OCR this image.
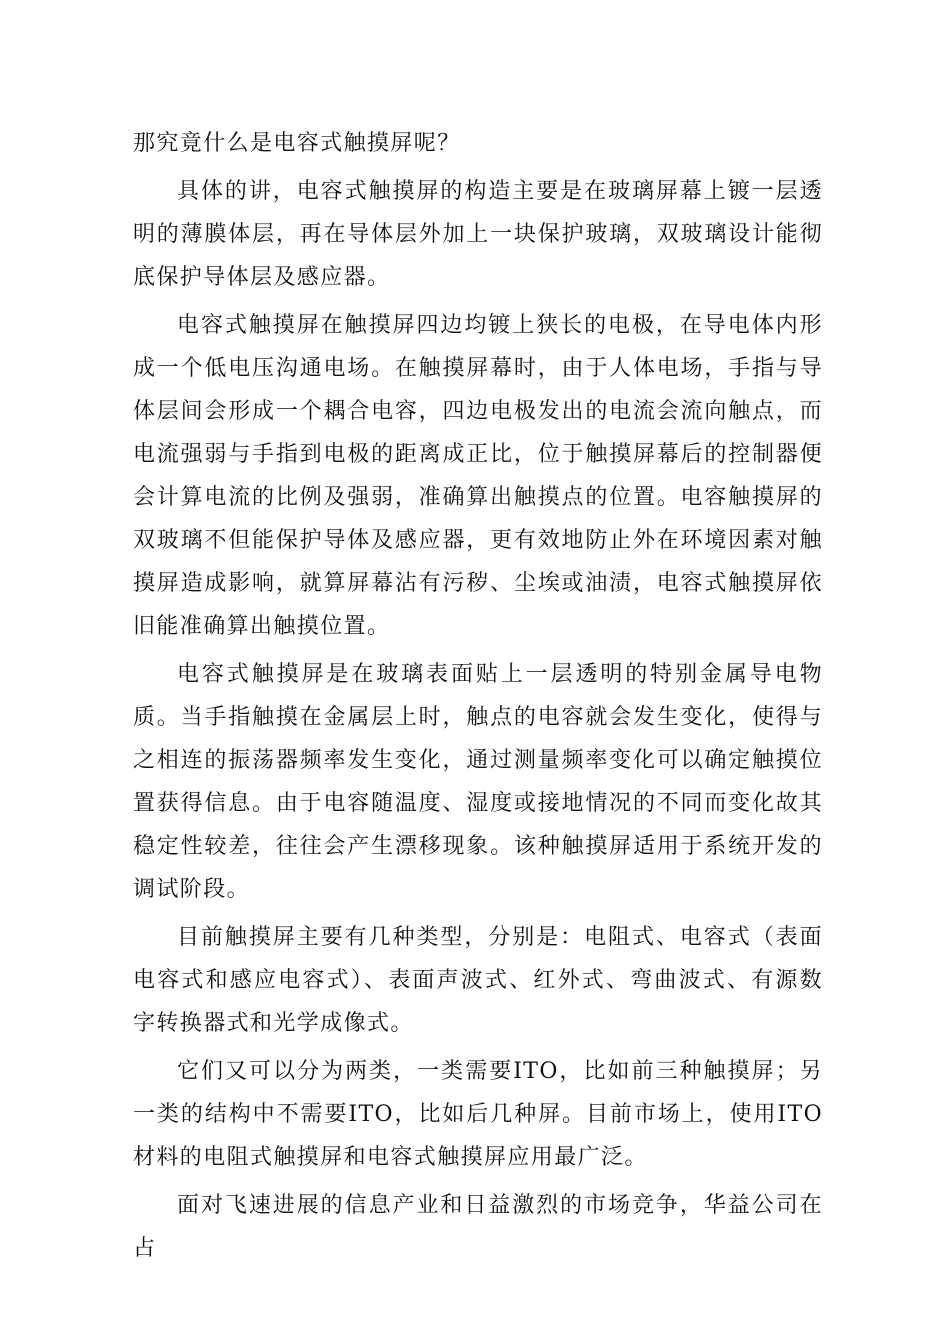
那究竟什么是电容式触摸屏呢？

具体的讲，电容式触摸屏的构造主要是在玻璃屏幕上镀一层透明的薄膜体层，再在导体层外加上一块保护玻璃，双玻璃设计能彻底保护导体层及感应器。

电容式触摸屏在触摸屏四边均镀上狭长的电极，在导电体内形成一个低电压沟通电场。在触摸屏幕时，由于人体电场，手指与导体层间会形成一个耦合电容，四边电极发出的电流会流向触点，而电流强弱与手指到电极的距离成正比，位于触摸屏幕后的控制器便会计算电流的比例及强弱，准确算出触摸点的位置。电容触摸屏的双玻璃不但能保护导体及感应器，更有效地防止外在环境因素对触摸屏造成影响，就算屏幕沾有污秽、尘埃或油渍，电容式触摸屏依旧能准确算出触摸位置。

电容式触摸屏是在玻璃表面贴上一层透明的特别金属导电物质。当手指触摸在金属层上时，触点的电容就会发生变化，使得与之相连的振荡器频率发生变化，通过测量频率变化可以确定触摸位置获得信息。由于电容随温度、湿度或接地情况的不同而变化故其稳定性较差，往往会产生漂移现象。该种触摸屏适用于系统开发的调试阶段。

目前触摸屏主要有几种类型，分别是：电阻式、电容式（表面电容式和感应电容式）、表面声波式、红外式、弯曲波式、有源数字转换器式和光学成像式。

它们又可以分为两类，一类需要ITO，比如前三种触摸屏；另一类的结构中不需要ITO，比如后几种屏。目前市场上，使用ITO材料的电阻式触摸屏和电容式触摸屏应用最广泛。

面对飞速进展的信息产业和日益激烈的市场竞争，华益公司在占
